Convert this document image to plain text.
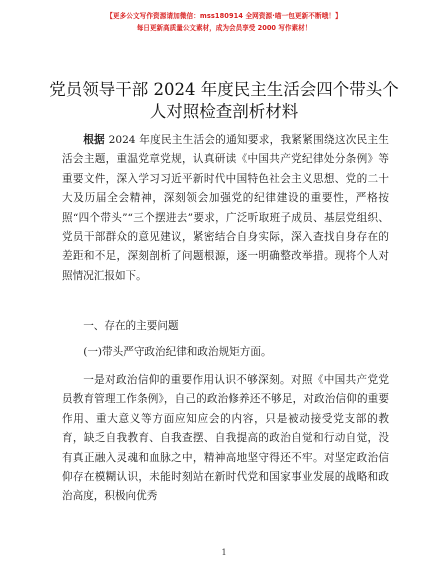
【更多公文写作资源请加微信：mss180914 全网资源·喵一包更新不断哦！】
每日更新高质量公文素材，成为会员享受 2000 写作素材！
党员领导干部 2024 年度民主生活会四个带头个
人对照检查剖析材料

根据 2024 年度民主生活会的通知要求，我紧紧围绕这次民主生活会主题，重温党章党规，认真研读《中国共产党纪律处分条例》等重要文件，深入学习习近平新时代中国特色社会主义思想、党的二十大及历届全会精神，深刻领会加强党的纪律建设的重要性，严格按照“四个带头”“三个摆进去”要求，广泛听取班子成员、基层党组织、党员干部群众的意见建议，紧密结合自身实际，深入查找自身存在的差距和不足，深刻剖析了问题根源，逐一明确整改举措。现将个人对照情况汇报如下。

一、存在的主要问题

(一)带头严守政治纪律和政治规矩方面。

一是对政治信仰的重要作用认识不够深刻。对照《中国共产党党员教育管理工作条例》，自己的政治修养还不够足，对政治信仰的重要作用、重大意义等方面应知应会的内容，只是被动接受党支部的教育，缺乏自我教育、自我查摆、自我提高的政治自觉和行动自觉，没有真正融入灵魂和血脉之中，精神高地坚守得还不牢。对坚定政治信仰存在模糊认识，未能时刻站在新时代党和国家事业发展的战略和政治高度，积极向优秀

1
